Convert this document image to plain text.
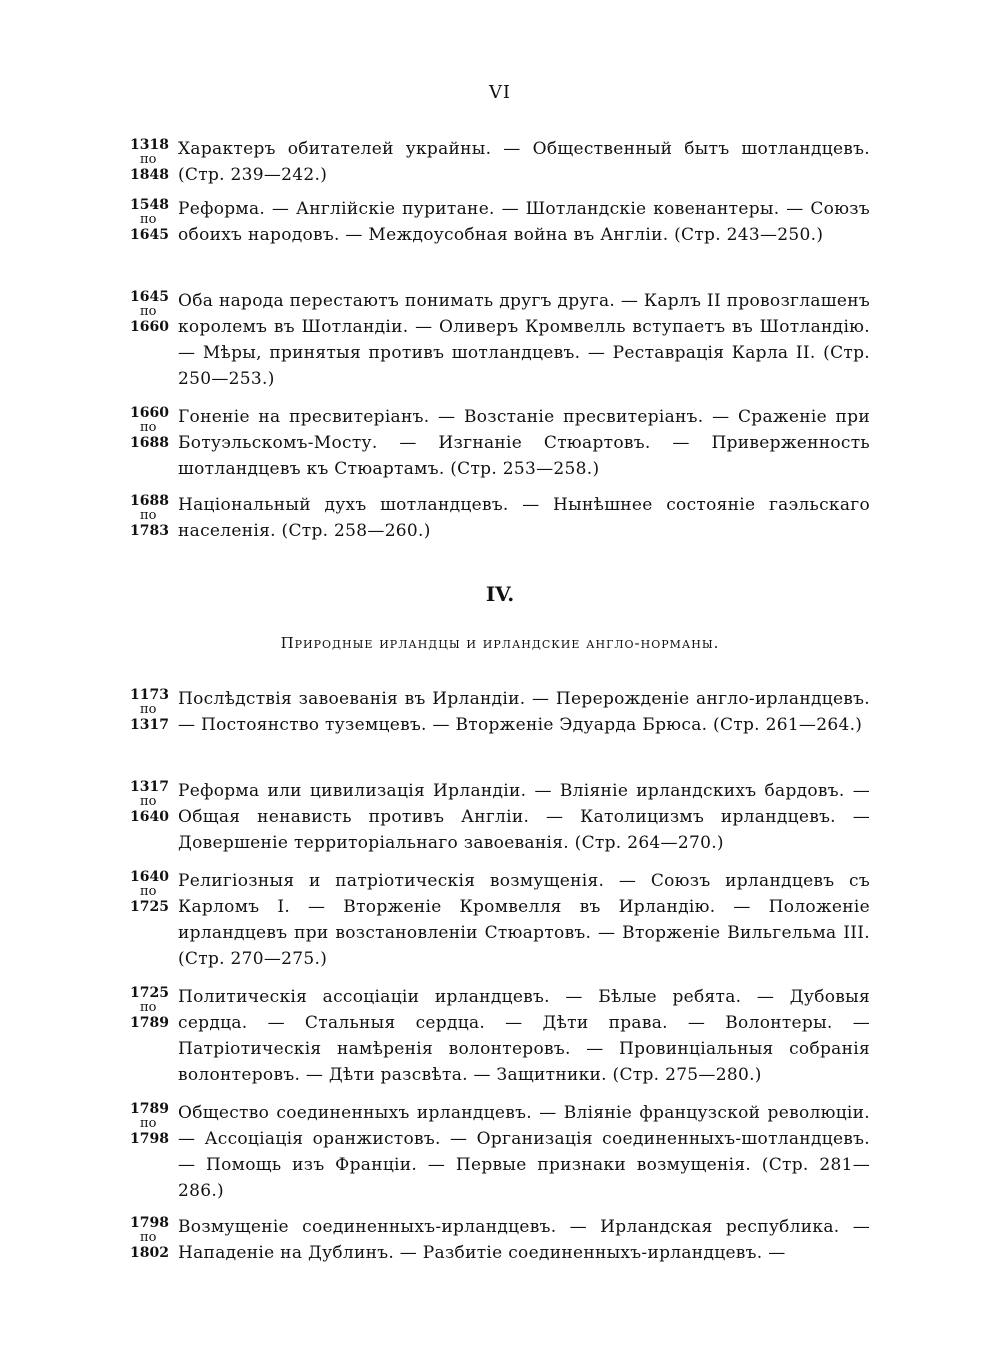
VI
1318
по
1848
Характеръ обитателей украйны. — Общественный бытъ шотландцевъ. (Стр. 239—242.)
1548
по
1645
Реформа. — Англійскіе пуритане. — Шотландскіе ковенантеры. — Союзъ обоихъ народовъ. — Междоусобная война въ Англіи. (Стр. 243—250.)
1645
по
1660
Оба народа перестаютъ понимать другъ друга. — Карлъ II провозглашенъ королемъ въ Шотландіи. — Оливеръ Кромвелль вступаетъ въ Шотландію. — Мѣры, принятыя противъ шотландцевъ. — Реставрація Карла II. (Стр. 250—253.)
1660
по
1688
Гоненіе на пресвитеріанъ. — Возстаніе пресвитеріанъ. — Сраженіе при Ботуэльскомъ-Мосту. — Изгнаніе Стюартовъ. — Приверженность шотландцевъ къ Стюартамъ. (Стр. 253—258.)
1688
по
1783
Національный духъ шотландцевъ. — Нынѣшнее состояніе гаэльскаго населенія. (Стр. 258—260.)
IV.
Природные ирландцы и ирландские англо-норманы.
1173
по
1317
Послѣдствія завоеванія въ Ирландіи. — Перерожденіе англо-ирландцевъ. — Постоянство туземцевъ. — Вторженіе Эдуарда Брюса. (Стр. 261—264.)
1317
по
1640
Реформа или цивилизація Ирландіи. — Вліяніе ирландскихъ бардовъ. — Общая ненависть противъ Англіи. — Католицизмъ ирландцевъ. — Довершеніе территоріальнаго завоеванія. (Стр. 264—270.)
1640
по
1725
Религіозныя и патріотическія возмущенія. — Союзъ ирландцевъ съ Карломъ I. — Вторженіе Кромвелля въ Ирландію. — Положеніе ирландцевъ при возстановленіи Стюартовъ. — Вторженіе Вильгельма III. (Стр. 270—275.)
1725
по
1789
Политическія ассоціаціи ирландцевъ. — Бѣлые ребята. — Дубовыя сердца. — Стальныя сердца. — Дѣти права. — Волонтеры. — Патріотическія намѣренія волонтеровъ. — Провинціальныя собранія волонтеровъ. — Дѣти разсвѣта. — Защитники. (Стр. 275—280.)
1789
по
1798
Общество соединенныхъ ирландцевъ. — Вліяніе французской революціи. — Ассоціація оранжистовъ. — Организація соединенныхъ-шотландцевъ. — Помощь изъ Франціи. — Первые признаки возмущенія. (Стр. 281—286.)
1798
по
1802
Возмущеніе соединенныхъ-ирландцевъ. — Ирландская республика. — Нападеніе на Дублинъ. — Разбитіе соединенныхъ-ирландцевъ. —
